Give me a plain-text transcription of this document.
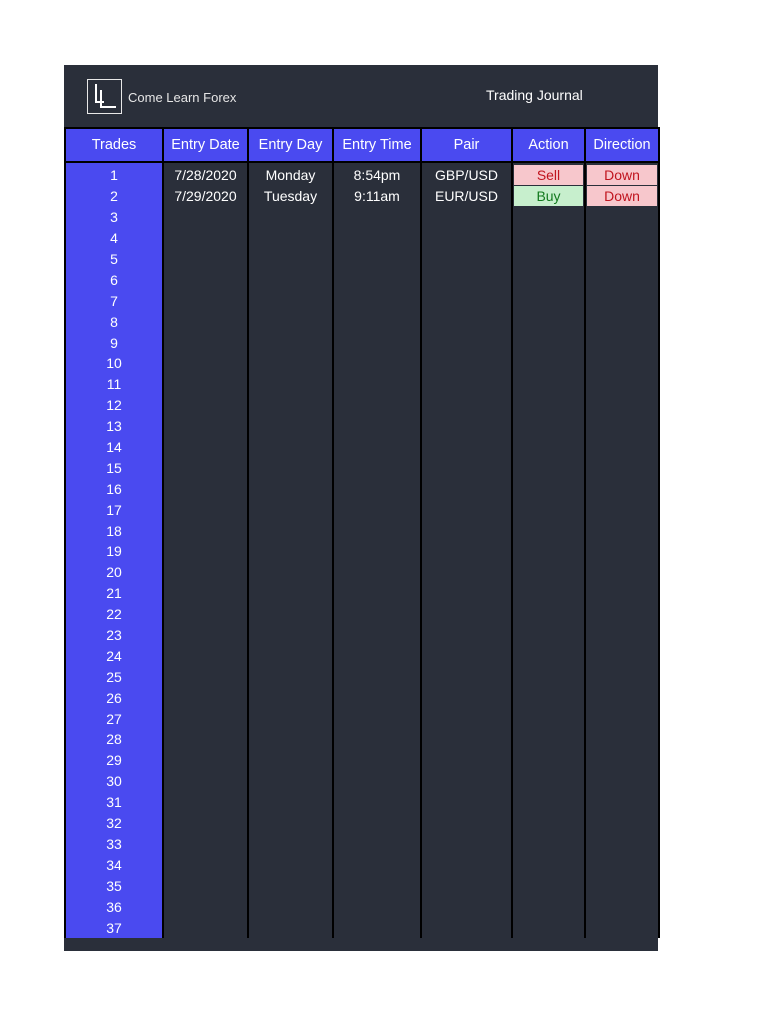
Come Learn Forex	Trading Journal
Trades	Entry Date	Entry Day	Entry Time	Pair	Action	Direction
1	7/28/2020	Monday	8:54pm	GBP/USD	Sell	Down

2	7/29/2020	Tuesday	9:11am	EUR/USD	Buy	Down

3						
4						
5						
6						
7						
8						
9						
10						
11						
12						
13						
14						
15						
16						
17						
18						
19						
20						
21						
22						
23						
24						
25						
26						
27						
28						
29						
30						
31						
32						
33						
34						
35						
36						
37						
